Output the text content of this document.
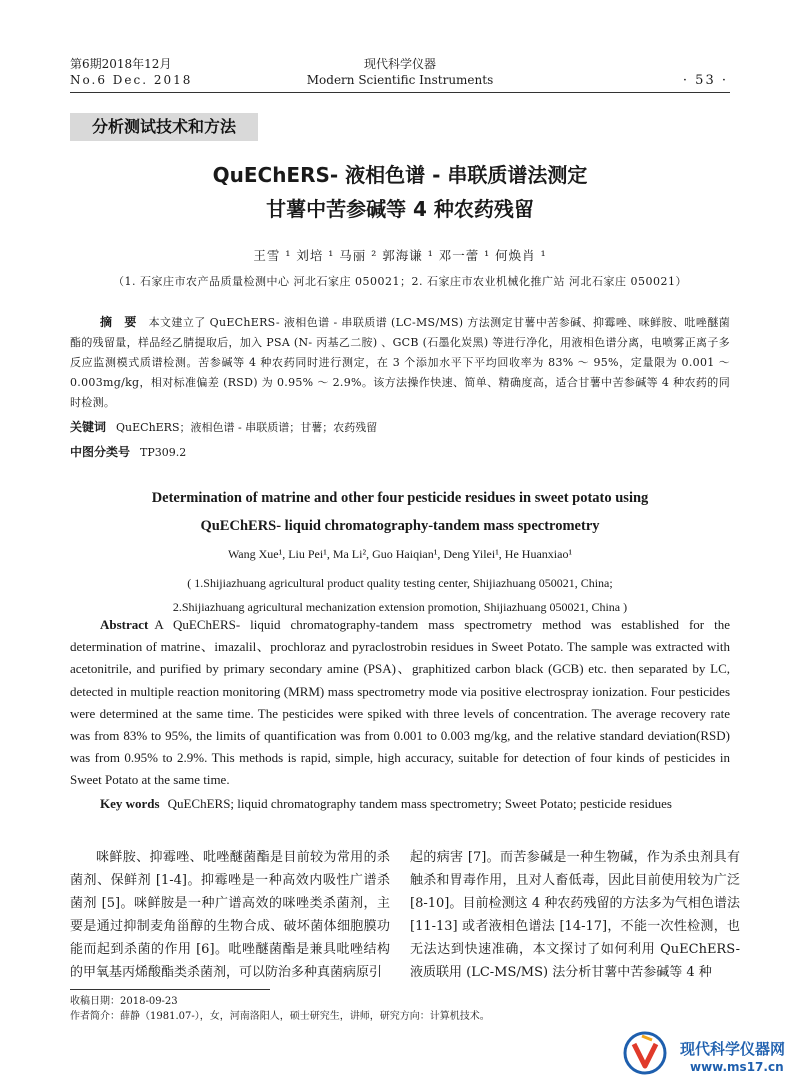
第6期2018年12月
No.6 Dec. 2018
现代科学仪器
Modern Scientific Instruments	· 53 ·
分析测试技术和方法
QuEChERS- 液相色谱 - 串联质谱法测定
甘薯中苦参碱等 4 种农药残留
王雪 ¹ 刘培 ¹ 马丽 ² 郭海谦 ¹ 邓一蕾 ¹ 何焕肖 ¹
（1. 石家庄市农产品质量检测中心 河北石家庄 050021；2. 石家庄市农业机械化推广站 河北石家庄 050021）
摘 要 本文建立了 QuEChERS- 液相色谱 - 串联质谱 (LC-MS/MS) 方法测定甘薯中苦参碱、抑霉唑、咪鲜胺、吡唑醚菌酯的残留量，样品经乙腈提取后，加入 PSA (N- 丙基乙二胺) 、GCB (石墨化炭黑) 等进行净化，用液相色谱分离，电喷雾正离子多反应监测模式质谱检测。苦参碱等 4 种农药同时进行测定，在 3 个添加水平下平均回收率为 83% ～ 95%，定量限为 0.001 ～ 0.003mg/kg，相对标准偏差 (RSD) 为 0.95% ～ 2.9%。该方法操作快速、简单、精确度高，适合甘薯中苦参碱等 4 种农药的同时检测。
关键词 QuEChERS；液相色谱 - 串联质谱；甘薯；农药残留
中图分类号 TP309.2
Determination of matrine and other four pesticide residues in sweet potato using
QuEChERS- liquid chromatography-tandem mass spectrometry
Wang Xue¹, Liu Pei¹, Ma Li², Guo Haiqian¹, Deng Yilei¹, He Huanxiao¹
( 1.Shijiazhuang agricultural product quality testing center, Shijiazhuang 050021, China;
2.Shijiazhuang agricultural mechanization extension promotion, Shijiazhuang 050021, China )
Abstract A QuEChERS- liquid chromatography-tandem mass spectrometry method was established for the determination of matrine、imazalil、prochloraz and pyraclostrobin residues in Sweet Potato. The sample was extracted with acetonitrile, and purified by primary secondary amine (PSA)、graphitized carbon black (GCB) etc. then separated by LC, detected in multiple reaction monitoring (MRM) mass spectrometry mode via positive electrospray ionization. Four pesticides were determined at the same time. The pesticides were spiked with three levels of concentration. The average recovery rate was from 83% to 95%, the limits of quantification was from 0.001 to 0.003 mg/kg, and the relative standard deviation(RSD) was from 0.95% to 2.9%. This methods is rapid, simple, high accuracy, suitable for detection of four kinds of pesticides in Sweet Potato at the same time.
Key words QuEChERS; liquid chromatography tandem mass spectrometry; Sweet Potato; pesticide residues
咪鲜胺、抑霉唑、吡唑醚菌酯是目前较为常用的杀菌剂、保鲜剂 [1-4]。抑霉唑是一种高效内吸性广谱杀菌剂 [5]。咪鲜胺是一种广谱高效的咪唑类杀菌剂，主要是通过抑制麦角甾醇的生物合成、破坏菌体细胞膜功能而起到杀菌的作用 [6]。吡唑醚菌酯是兼具吡唑结构的甲氧基丙烯酸酯类杀菌剂，可以防治多种真菌病原引
起的病害 [7]。而苦参碱是一种生物碱，作为杀虫剂具有触杀和胃毒作用，且对人畜低毒，因此目前使用较为广泛 [8-10]。目前检测这 4 种农药残留的方法多为气相色谱法 [11-13] 或者液相色谱法 [14-17]，不能一次性检测，也无法达到快速准确，本文探讨了如何利用 QuEChERS-液质联用 (LC-MS/MS) 法分析甘薯中苦参碱等 4 种
收稿日期：2018-09-23
作者简介：薛静（1981.07-），女，河南洛阳人，硕士研究生，讲师，研究方向：计算机技术。
现代科学仪器网
www.ms17.cn
